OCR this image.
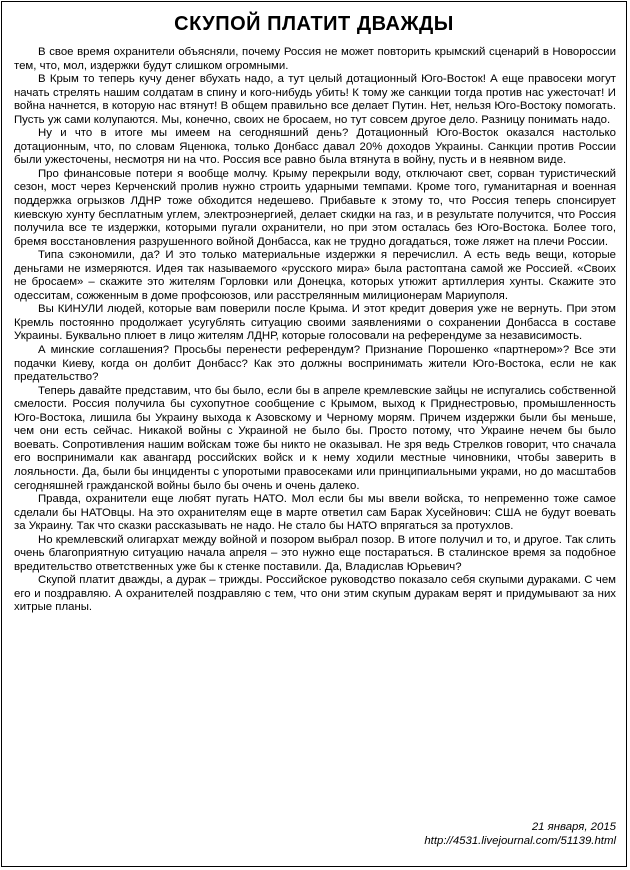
СКУПОЙ ПЛАТИТ ДВАЖДЫ

В свое время охранители объясняли, почему Россия не может повторить крымский сценарий в Новороссии тем, что, мол, издержки будут слишком огромными.

В Крым то теперь кучу денег вбухать надо, а тут целый дотационный Юго-Восток! А еще правосеки могут начать стрелять нашим солдатам в спину и кого-нибудь убить! К тому же санкции тогда против нас ужесточат! И война начнется, в которую нас втянут! В общем правильно все делает Путин. Нет, нельзя Юго-Востоку помогать. Пусть уж сами колупаются. Мы, конечно, своих не бросаем, но тут совсем другое дело. Разницу понимать надо.

Ну и что в итоге мы имеем на сегодняшний день? Дотационный Юго-Восток оказался настолько дотационным, что, по словам Яценюка, только Донбасс давал 20% доходов Украины. Санкции против России были ужесточены, несмотря ни на что. Россия все равно была втянута в войну, пусть и в неявном виде.

Про финансовые потери я вообще молчу. Крыму перекрыли воду, отключают свет, сорван туристический сезон, мост через Керченский пролив нужно строить ударными темпами. Кроме того, гуманитарная и военная поддержка огрызков ЛДНР тоже обходится недешево. Прибавьте к этому то, что Россия теперь спонсирует киевскую хунту бесплатным углем, электроэнергией, делает скидки на газ, и в результате получится, что Россия получила все те издержки, которыми пугали охранители, но при этом осталась без Юго-Востока. Более того, бремя восстановления разрушенного войной Донбасса, как не трудно догадаться, тоже ляжет на плечи России.

Типа сэкономили, да? И это только материальные издержки я перечислил. А есть ведь вещи, которые деньгами не измеряются. Идея так называемого «русского мира» была растоптана самой же Россией. «Своих не бросаем» – скажите это жителям Горловки или Донецка, которых утюжит артиллерия хунты. Скажите это одесситам, сожженным в доме профсоюзов, или расстрелянным милиционерам Мариуполя.

Вы КИНУЛИ людей, которые вам поверили после Крыма. И этот кредит доверия уже не вернуть. При этом Кремль постоянно продолжает усугублять ситуацию своими заявлениями о сохранении Донбасса в составе Украины. Буквально плюет в лицо жителям ЛДНР, которые голосовали на референдуме за независимость.

А минские соглашения? Просьбы перенести референдум? Признание Порошенко «партнером»? Все эти подачки Киеву, когда он долбит Донбасс? Как это должны воспринимать жители Юго-Востока, если не как предательство?

Теперь давайте представим, что бы было, если бы в апреле кремлевские зайцы не испугались собственной смелости. Россия получила бы сухопутное сообщение с Крымом, выход к Приднестровью, промышленность Юго-Востока, лишила бы Украину выхода к Азовскому и Черному морям. Причем издержки были бы меньше, чем они есть сейчас. Никакой войны с Украиной не было бы. Просто потому, что Украине нечем бы было воевать. Сопротивления нашим войскам тоже бы никто не оказывал. Не зря ведь Стрелков говорит, что сначала его воспринимали как авангард российских войск и к нему ходили местные чиновники, чтобы заверить в лояльности. Да, были бы инциденты с упоротыми правосеками или принципиальными украми, но до масштабов сегодняшней гражданской войны было бы очень и очень далеко.

Правда, охранители еще любят пугать НАТО. Мол если бы мы ввели войска, то непременно тоже самое сделали бы НАТОвцы. На это охранителям еще в марте ответил сам Барак Хусейнович: США не будут воевать за Украину. Так что сказки рассказывать не надо. Не стало бы НАТО впрягаться за протухлов.

Но кремлевский олигархат между войной и позором выбрал позор. В итоге получил и то, и другое. Так слить очень благоприятную ситуацию начала апреля – это нужно еще постараться. В сталинское время за подобное вредительство ответственных уже бы к стенке поставили. Да, Владислав Юрьевич?

Скупой платит дважды, а дурак – трижды. Российское руководство показало себя скупыми дураками. С чем его и поздравляю. А охранителей поздравляю с тем, что они этим скупым дуракам верят и придумывают за них хитрые планы.

21 января, 2015
http://4531.livejournal.com/51139.html
